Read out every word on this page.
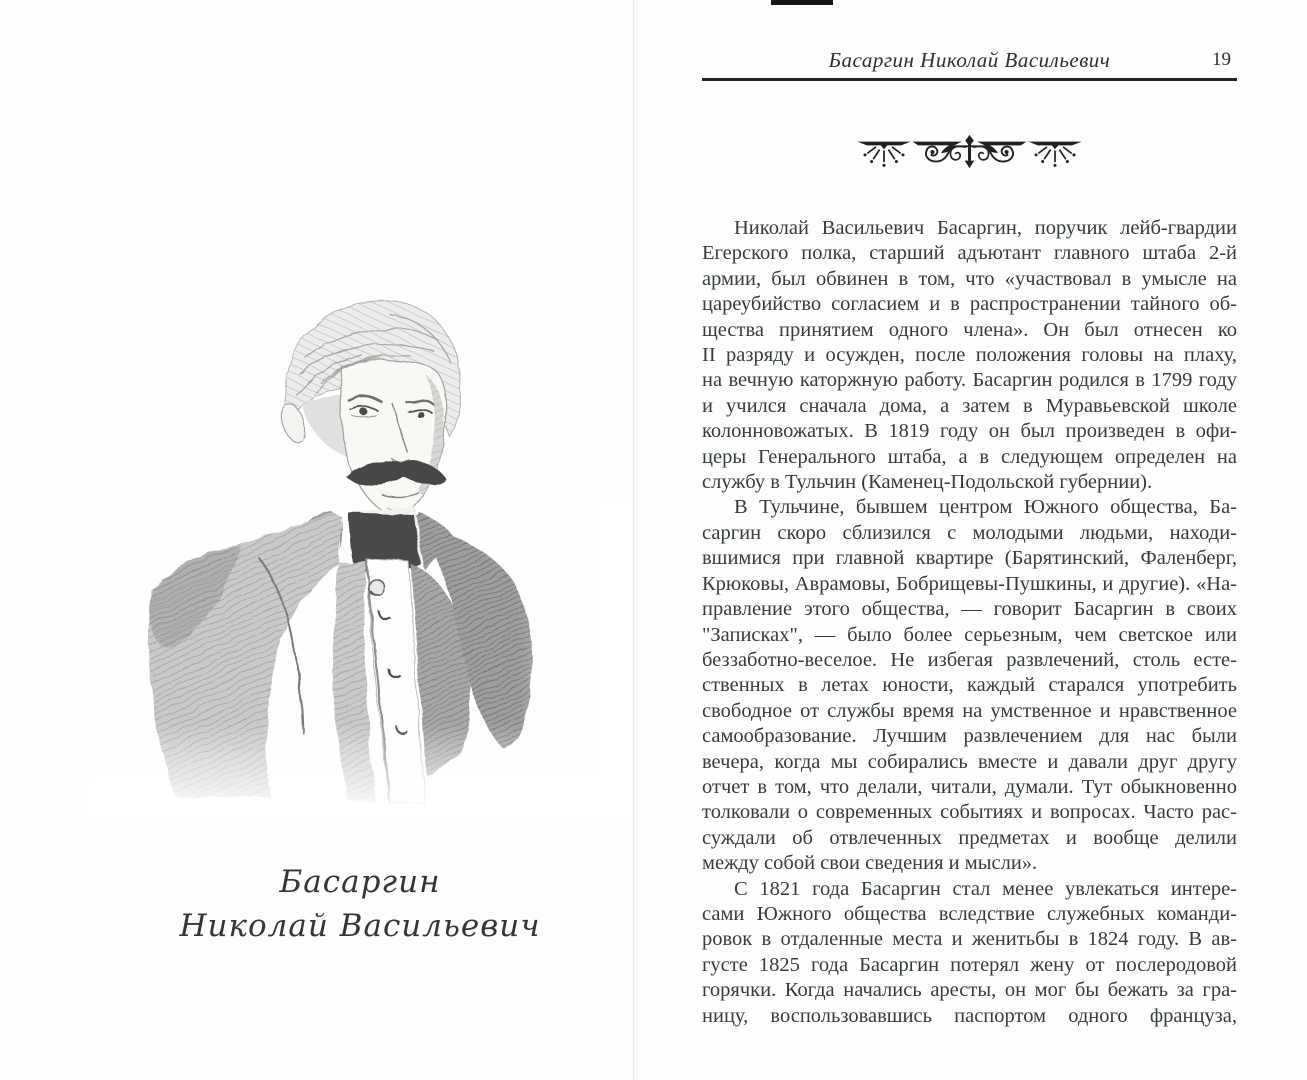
Басаргин
Николай Васильевич
Басаргин Николай Васильевич	19
Николай Васильевич Басаргин, поручик лейб-гвардии
Егерского полка, старший адъютант главного штаба 2-й
армии, был обвинен в том, что «участвовал в умысле на
цареубийство согласием и в распространении тайного об-
щества принятием одного члена». Он был отнесен ко
II разряду и осужден, после положения головы на плаху,
на вечную каторжную работу. Басаргин родился в 1799 году
и учился сначала дома, а затем в Муравьевской школе
колонновожатых. В 1819 году он был произведен в офи-
церы Генерального штаба, а в следующем определен на
службу в Тульчин (Каменец-Подольской губернии).
В Тульчине, бывшем центром Южного общества, Ба-
саргин скоро сблизился с молодыми людьми, находи-
вшимися при главной квартире (Барятинский, Фаленберг,
Крюковы, Аврамовы, Бобрищевы-Пушкины, и другие). «На-
правление этого общества, — говорит Басаргин в своих
"Записках", — было более серьезным, чем светское или
беззаботно-веселое. Не избегая развлечений, столь есте-
ственных в летах юности, каждый старался употребить
свободное от службы время на умственное и нравственное
самообразование. Лучшим развлечением для нас были
вечера, когда мы собирались вместе и давали друг другу
отчет в том, что делали, читали, думали. Тут обыкновенно
толковали о современных событиях и вопросах. Часто рас-
суждали об отвлеченных предметах и вообще делили
между собой свои сведения и мысли».
С 1821 года Басаргин стал менее увлекаться интере-
сами Южного общества вследствие служебных команди-
ровок в отдаленные места и женитьбы в 1824 году. В ав-
густе 1825 года Басаргин потерял жену от послеродовой
горячки. Когда начались аресты, он мог бы бежать за гра-
ницу, воспользовавшись паспортом одного француза,
